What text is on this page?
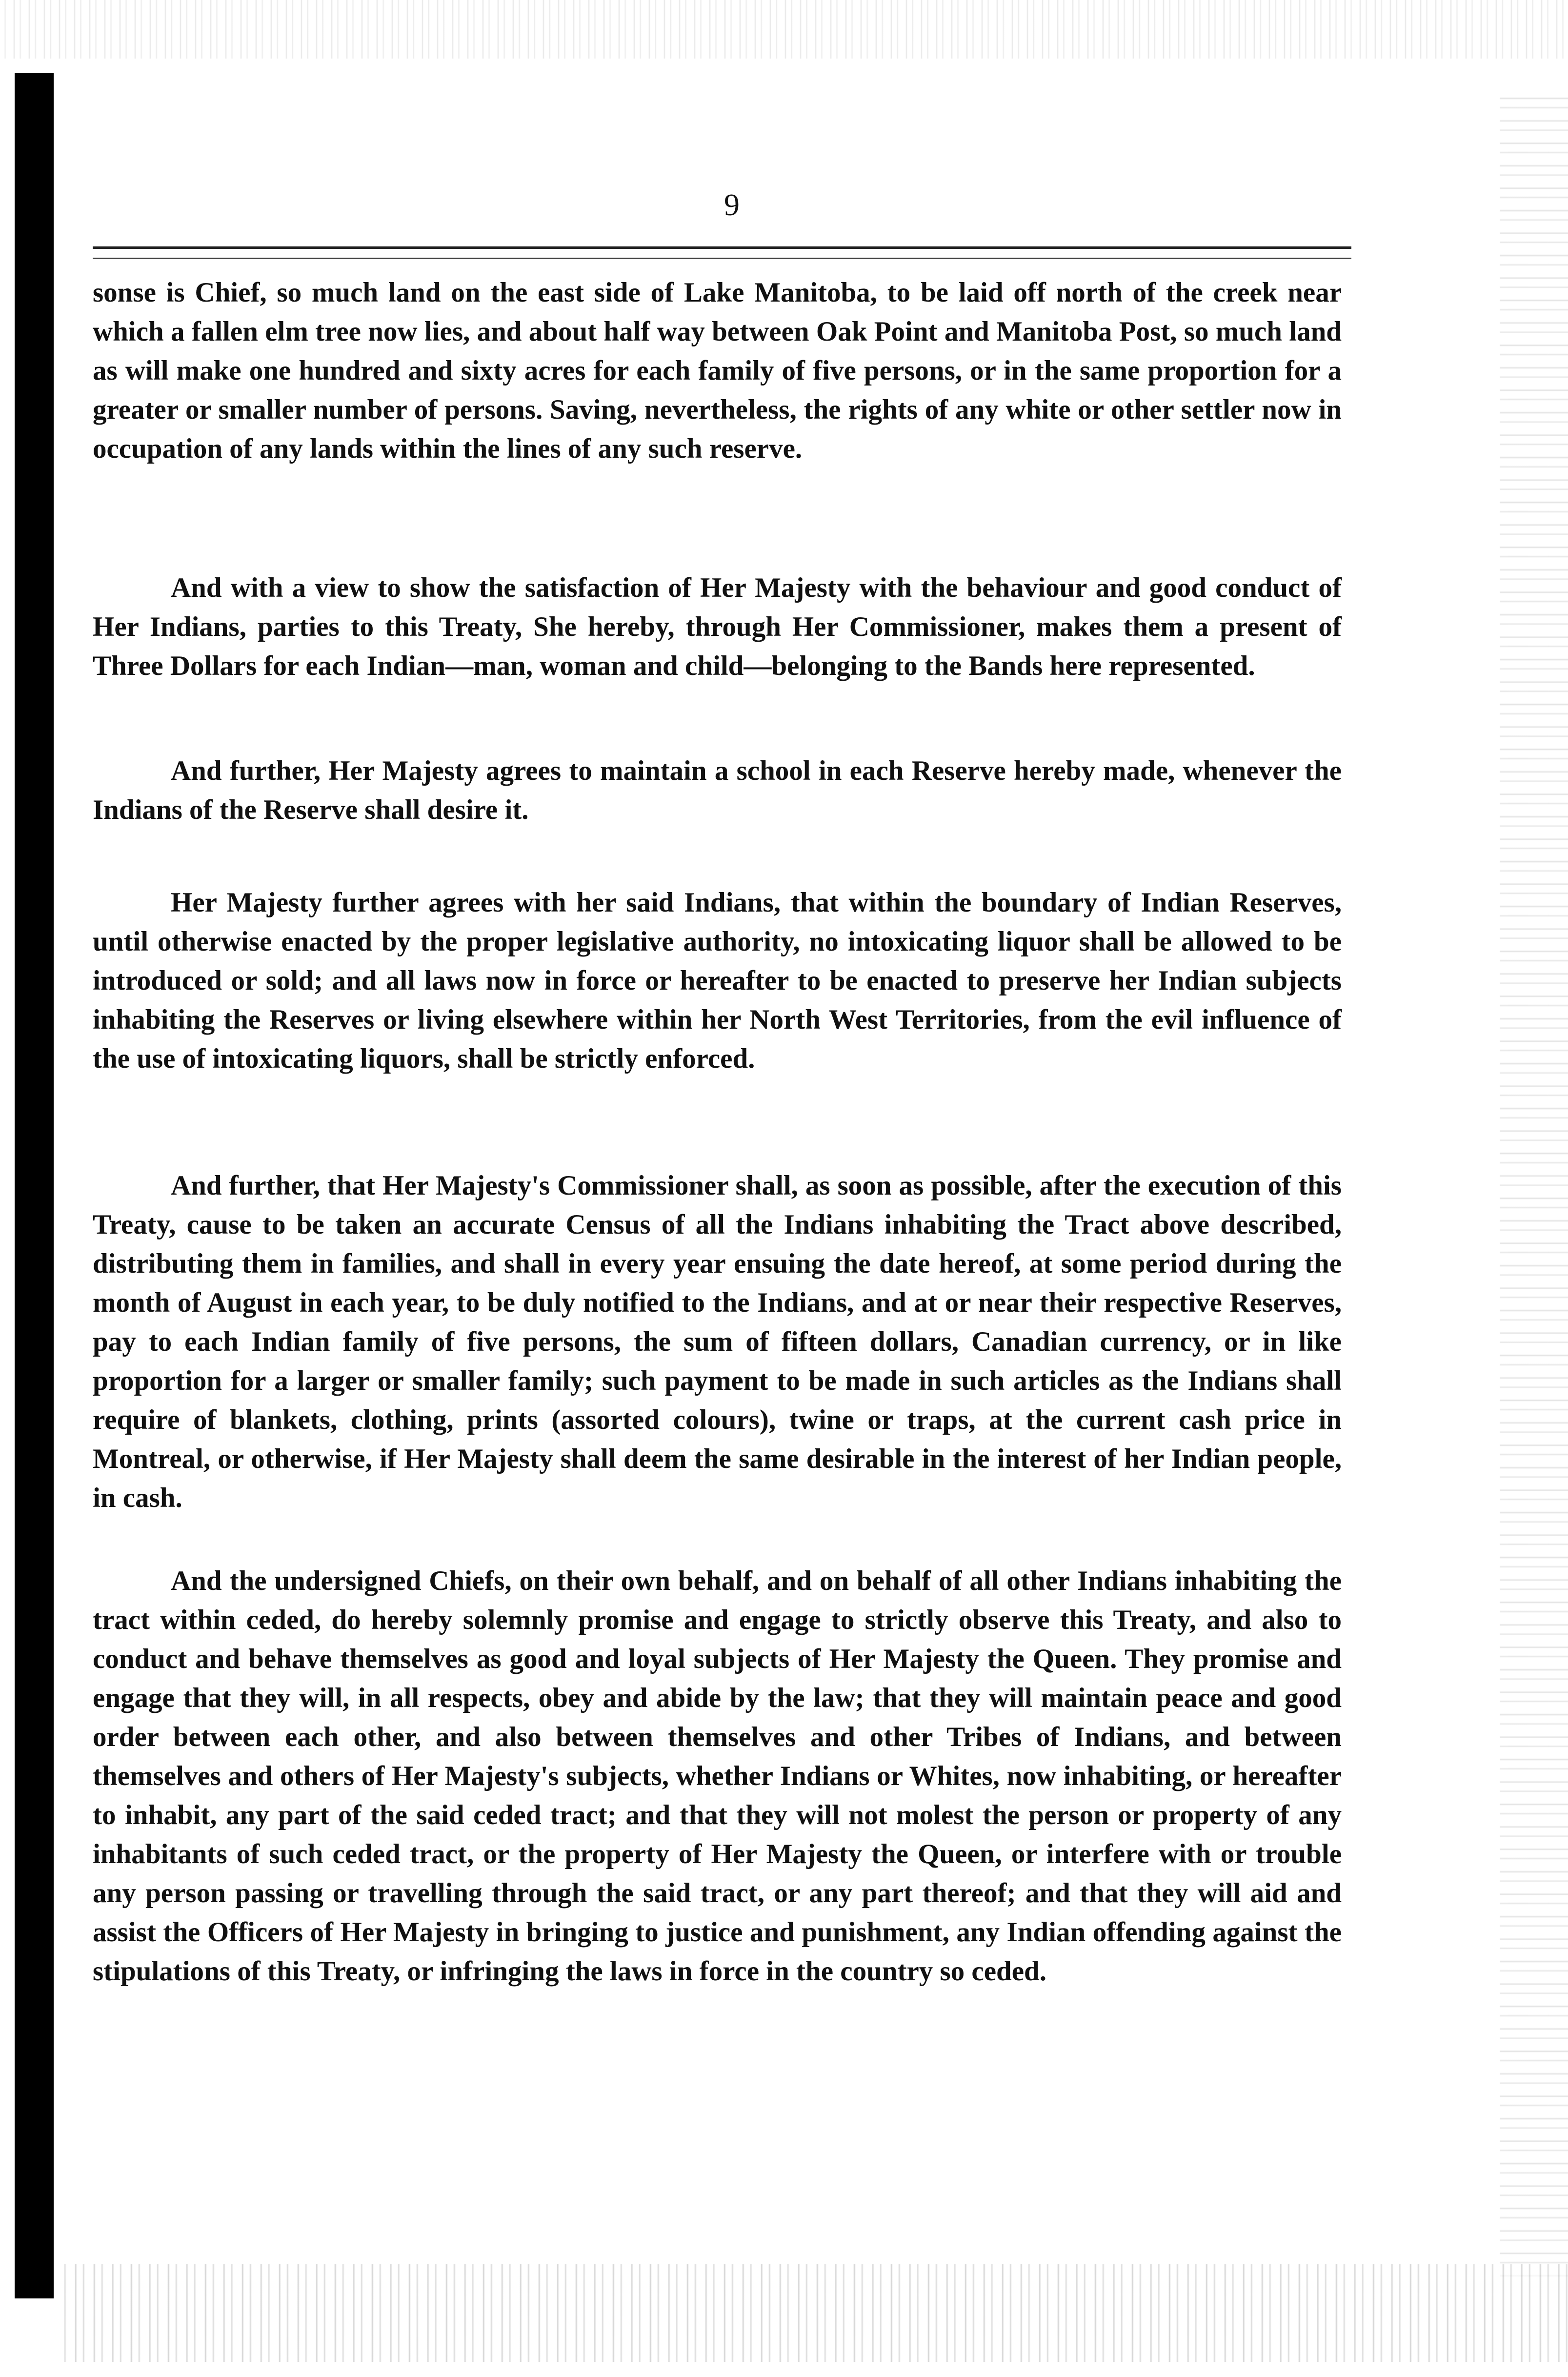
9

sonse is Chief, so much land on the east side of Lake Manitoba, to be laid off north of the creek near which a fallen elm tree now lies, and about half way between Oak Point and Manitoba Post, so much land as will make one hundred and sixty acres for each family of five persons, or in the same proportion for a greater or smaller number of persons. Saving, nevertheless, the rights of any white or other settler now in occupation of any lands within the lines of any such reserve.

And with a view to show the satisfaction of Her Majesty with the behaviour and good conduct of Her Indians, parties to this Treaty, She hereby, through Her Commissioner, makes them a present of Three Dollars for each Indian—man, woman and child—belonging to the Bands here represented.

And further, Her Majesty agrees to maintain a school in each Reserve hereby made, whenever the Indians of the Reserve shall desire it.

Her Majesty further agrees with her said Indians, that within the boundary of Indian Reserves, until otherwise enacted by the proper legislative authority, no intoxicating liquor shall be allowed to be introduced or sold; and all laws now in force or hereafter to be enacted to preserve her Indian subjects inhabiting the Reserves or living elsewhere within her North West Territories, from the evil influence of the use of intoxicating liquors, shall be strictly enforced.

And further, that Her Majesty's Commissioner shall, as soon as possible, after the execution of this Treaty, cause to be taken an accurate Census of all the Indians inhabiting the Tract above described, distributing them in families, and shall in every year ensuing the date hereof, at some period during the month of August in each year, to be duly notified to the Indians, and at or near their respective Reserves, pay to each Indian family of five persons, the sum of fifteen dollars, Canadian currency, or in like proportion for a larger or smaller family; such payment to be made in such articles as the Indians shall require of blankets, clothing, prints (assorted colours), twine or traps, at the current cash price in Montreal, or otherwise, if Her Majesty shall deem the same desirable in the interest of her Indian people, in cash.

And the undersigned Chiefs, on their own behalf, and on behalf of all other Indians inhabiting the tract within ceded, do hereby solemnly promise and engage to strictly observe this Treaty, and also to conduct and behave themselves as good and loyal subjects of Her Majesty the Queen. They promise and engage that they will, in all respects, obey and abide by the law; that they will maintain peace and good order between each other, and also between themselves and other Tribes of Indians, and between themselves and others of Her Majesty's subjects, whether Indians or Whites, now inhabiting, or hereafter to inhabit, any part of the said ceded tract; and that they will not molest the person or property of any inhabitants of such ceded tract, or the property of Her Majesty the Queen, or interfere with or trouble any person passing or travelling through the said tract, or any part thereof; and that they will aid and assist the Officers of Her Majesty in bringing to justice and punishment, any Indian offending against the stipulations of this Treaty, or infringing the laws in force in the country so ceded.
